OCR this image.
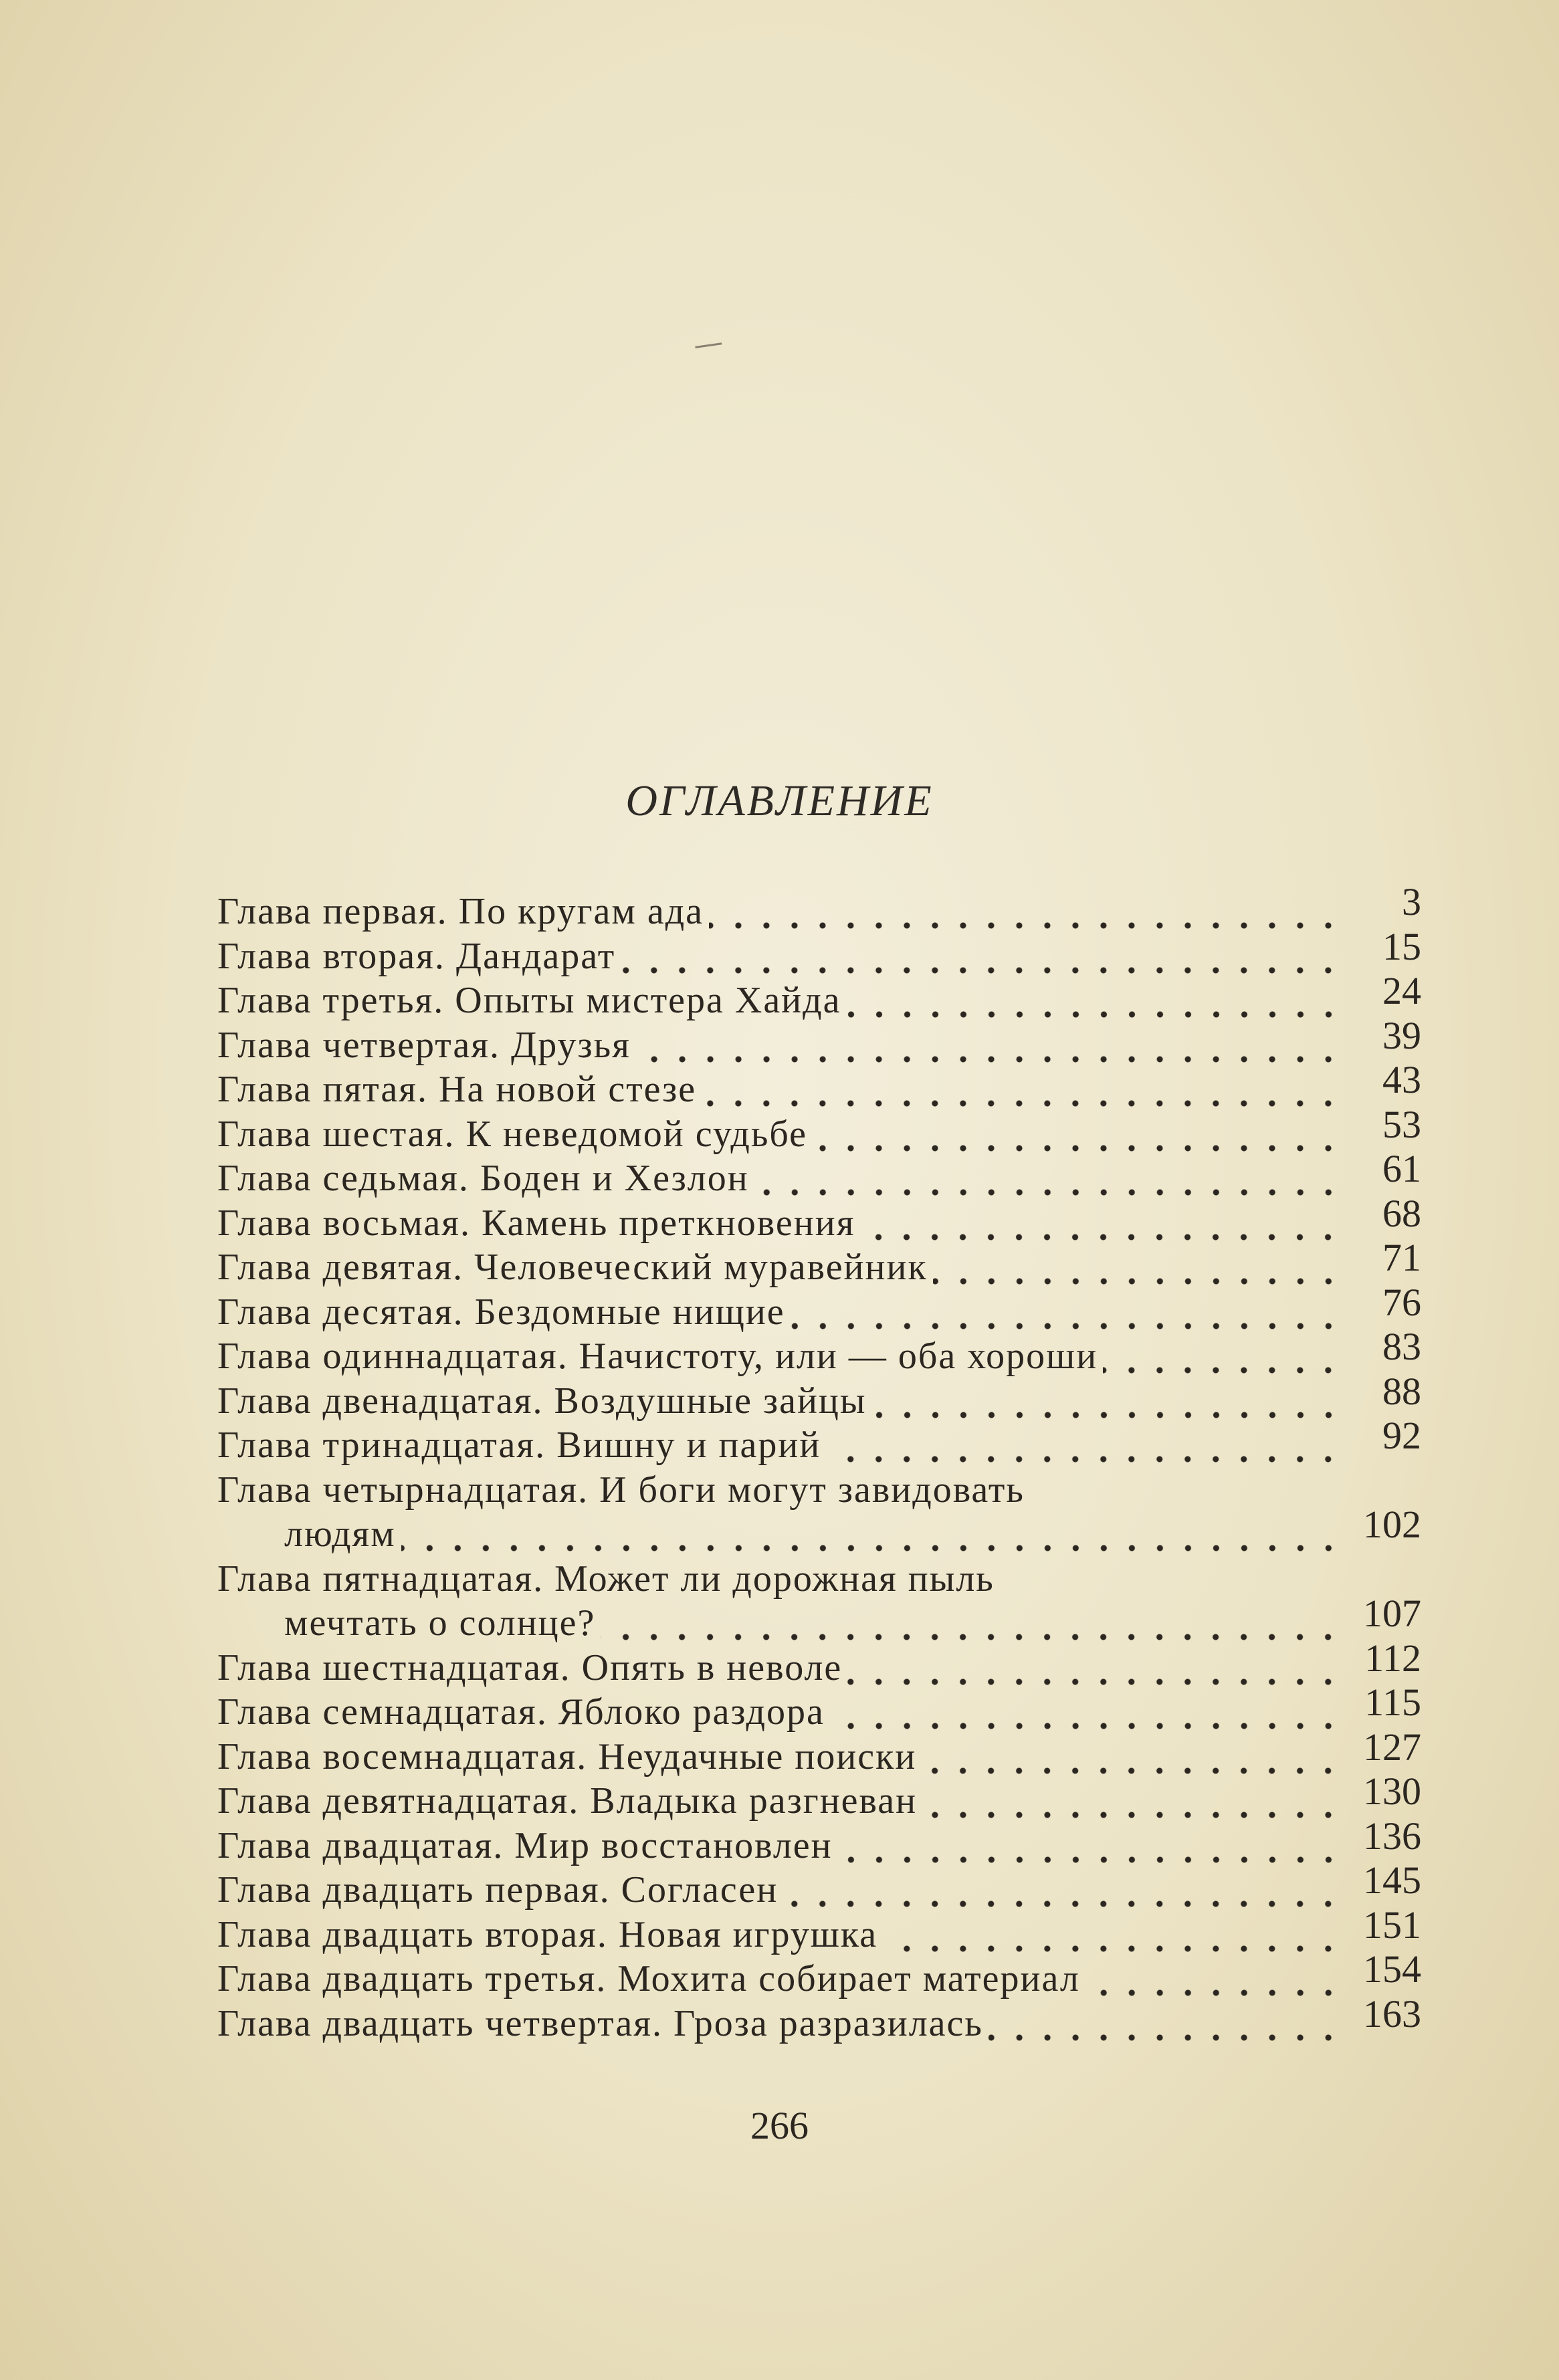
ОГЛАВЛЕНИЕ
Глава первая. По кругам ада	3
Глава вторая. Дандарат	15
Глава третья. Опыты мистера Хайда	24
Глава четвертая. Друзья	39
Глава пятая. На новой стезе	43
Глава шестая. К неведомой судьбе	53
Глава седьмая. Боден и Хезлон	61
Глава восьмая. Камень преткновения	68
Глава девятая. Человеческий муравейник	71
Глава десятая. Бездомные нищие	76
Глава одиннадцатая. Начистоту, или — оба хороши	83
Глава двенадцатая. Воздушные зайцы	88
Глава тринадцатая. Вишну и парий	92
Глава четырнадцатая. И боги могут завидовать
людям	102
Глава пятнадцатая. Может ли дорожная пыль
мечтать о солнце?	107
Глава шестнадцатая. Опять в неволе	112
Глава семнадцатая. Яблоко раздора	115
Глава восемнадцатая. Неудачные поиски	127
Глава девятнадцатая. Владыка разгневан	130
Глава двадцатая. Мир восстановлен	136
Глава двадцать первая. Согласен	145
Глава двадцать вторая. Новая игрушка	151
Глава двадцать третья. Мохита собирает материал	154
Глава двадцать четвертая. Гроза разразилась	163
266
